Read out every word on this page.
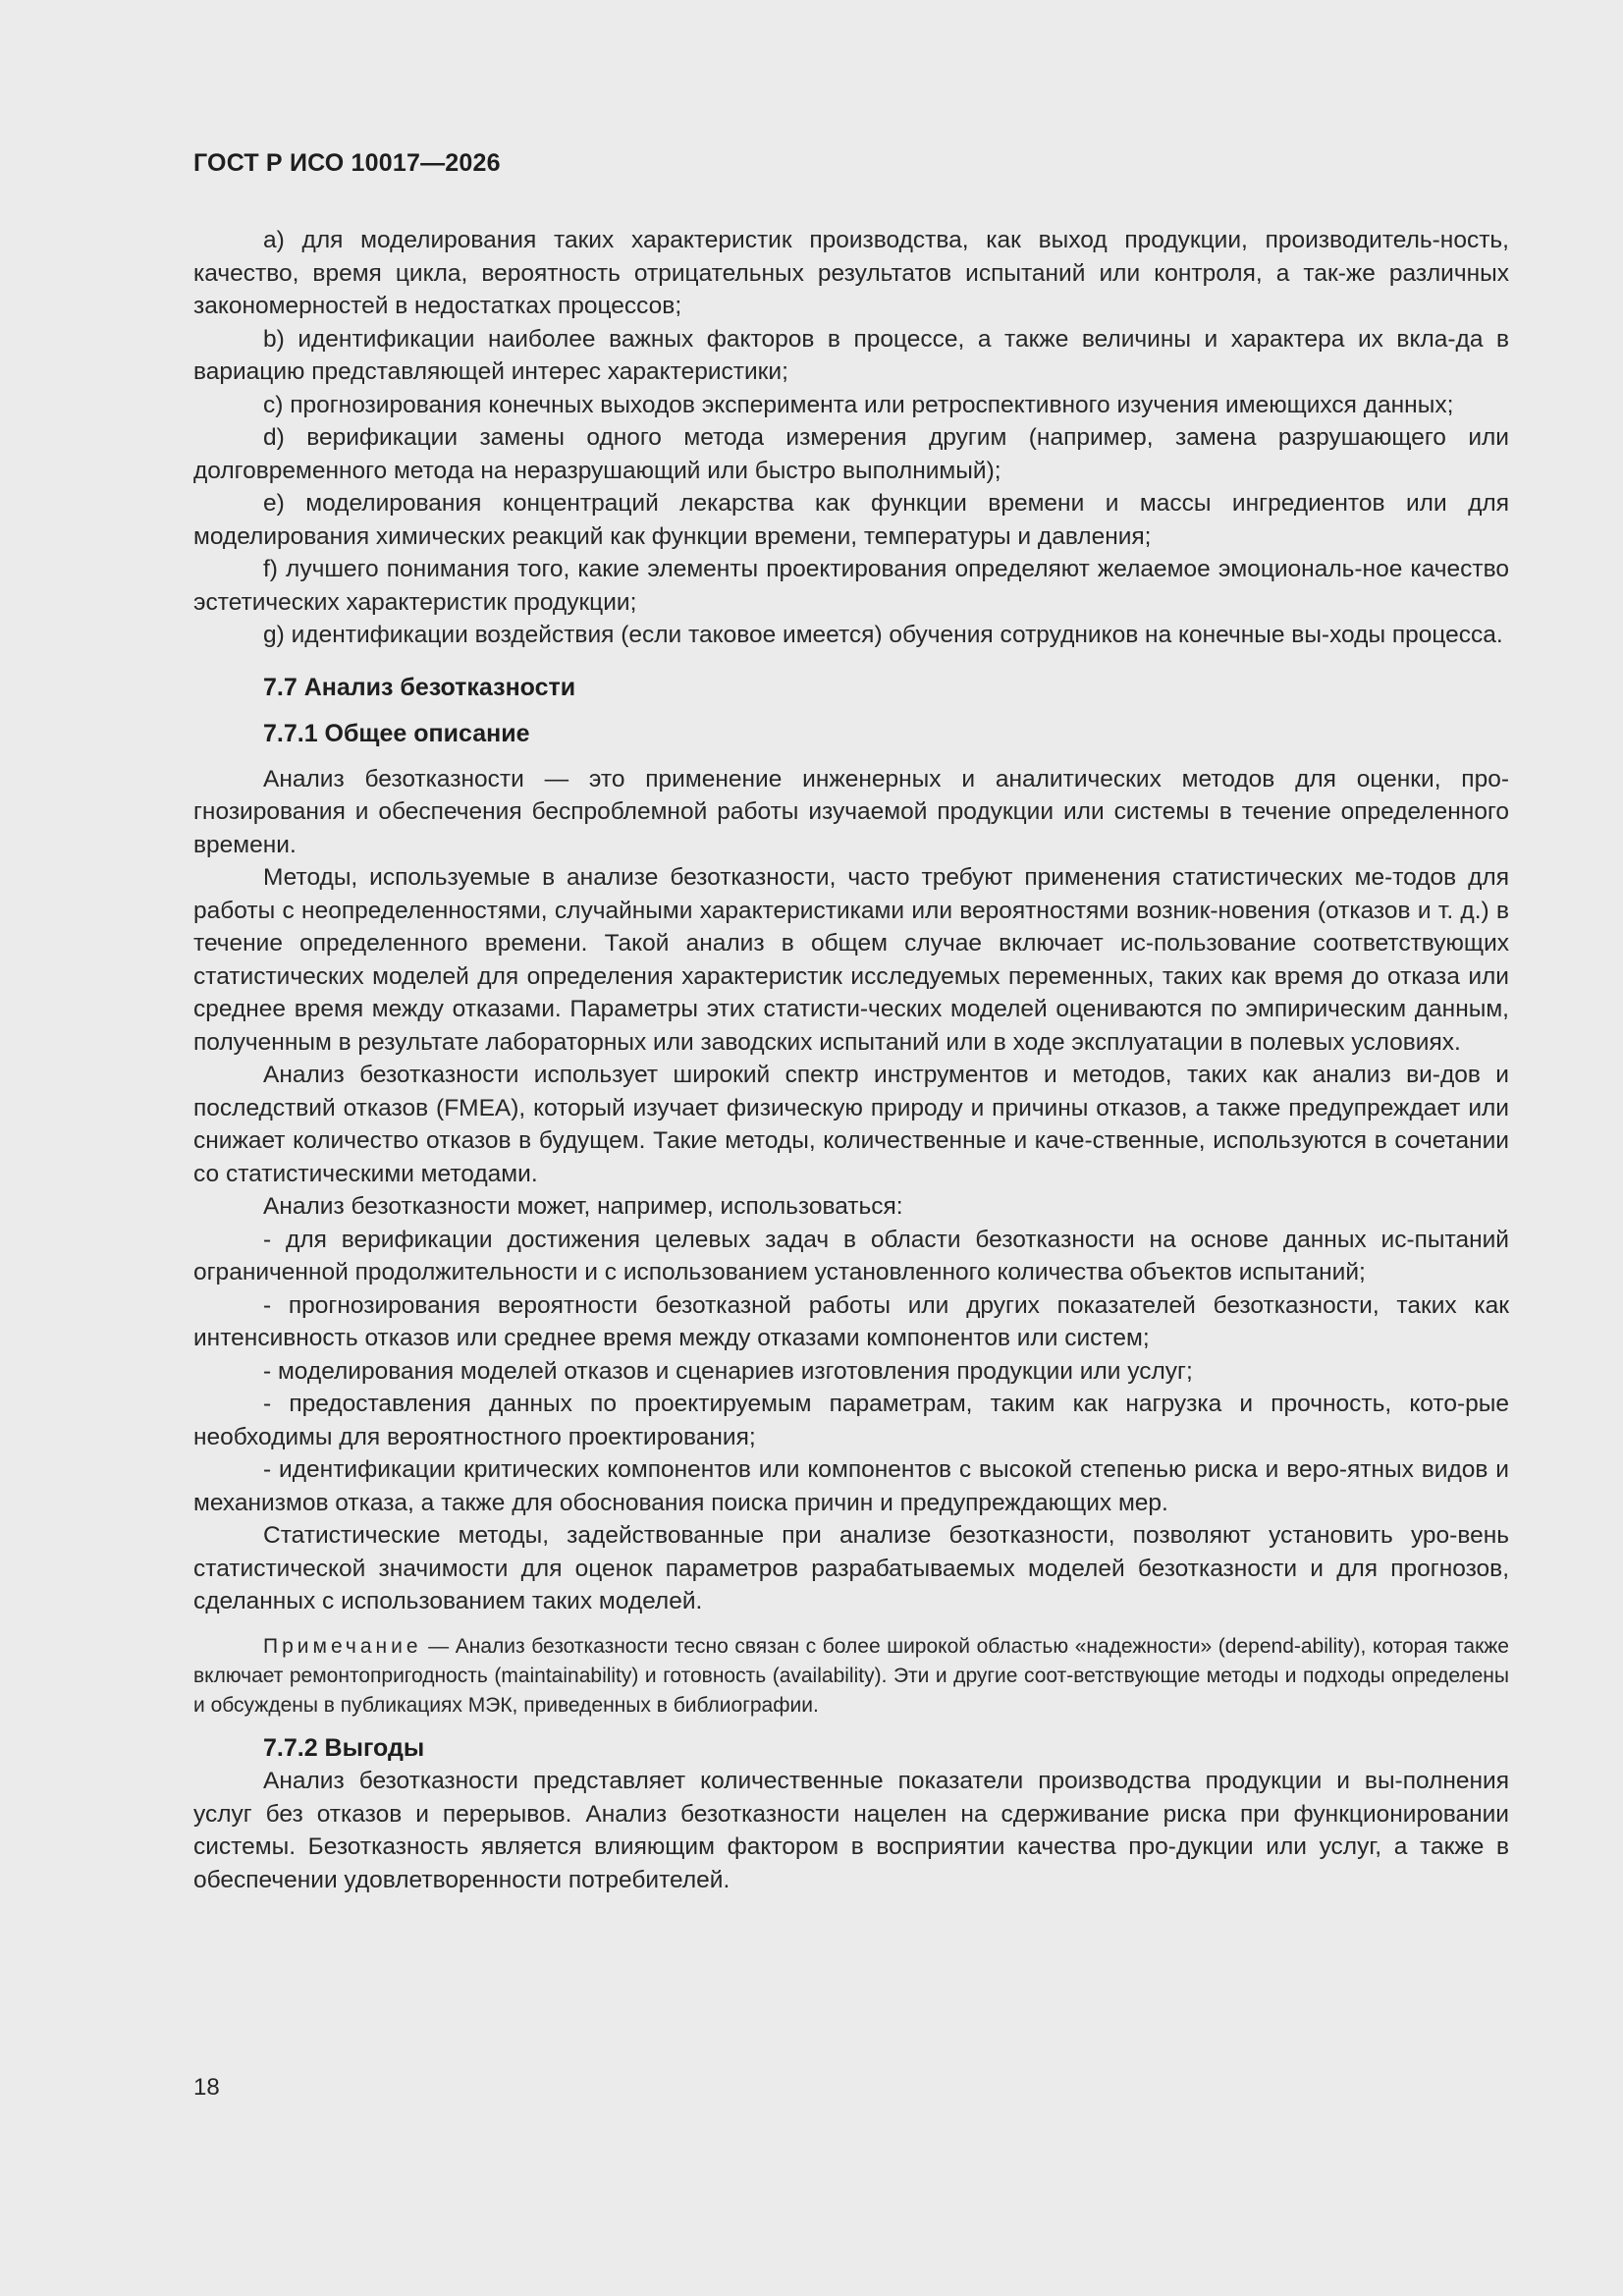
ГОСТ Р ИСО 10017—2026

a) для моделирования таких характеристик производства, как выход продукции, производитель-ность, качество, время цикла, вероятность отрицательных результатов испытаний или контроля, а так-же различных закономерностей в недостатках процессов;

b) идентификации наиболее важных факторов в процессе, а также величины и характера их вкла-да в вариацию представляющей интерес характеристики;

c) прогнозирования конечных выходов эксперимента или ретроспективного изучения имеющихся данных;

d) верификации замены одного метода измерения другим (например, замена разрушающего или долговременного метода на неразрушающий или быстро выполнимый);

e) моделирования концентраций лекарства как функции времени и массы ингредиентов или для моделирования химических реакций как функции времени, температуры и давления;

f) лучшего понимания того, какие элементы проектирования определяют желаемое эмоциональ-ное качество эстетических характеристик продукции;

g) идентификации воздействия (если таковое имеется) обучения сотрудников на конечные вы-ходы процесса.

7.7 Анализ безотказности
7.7.1 Общее описание

Анализ безотказности — это применение инженерных и аналитических методов для оценки, про-гнозирования и обеспечения беспроблемной работы изучаемой продукции или системы в течение определенного времени.

Методы, используемые в анализе безотказности, часто требуют применения статистических ме-тодов для работы с неопределенностями, случайными характеристиками или вероятностями возник-новения (отказов и т. д.) в течение определенного времени. Такой анализ в общем случае включает ис-пользование соответствующих статистических моделей для определения характеристик исследуемых переменных, таких как время до отказа или среднее время между отказами. Параметры этих статисти-ческих моделей оцениваются по эмпирическим данным, полученным в результате лабораторных или заводских испытаний или в ходе эксплуатации в полевых условиях.

Анализ безотказности использует широкий спектр инструментов и методов, таких как анализ ви-дов и последствий отказов (FMEA), который изучает физическую природу и причины отказов, а также предупреждает или снижает количество отказов в будущем. Такие методы, количественные и каче-ственные, используются в сочетании со статистическими методами.

Анализ безотказности может, например, использоваться:

- для верификации достижения целевых задач в области безотказности на основе данных ис-пытаний ограниченной продолжительности и с использованием установленного количества объектов испытаний;

- прогнозирования вероятности безотказной работы или других показателей безотказности, таких как интенсивность отказов или среднее время между отказами компонентов или систем;

- моделирования моделей отказов и сценариев изготовления продукции или услуг;

- предоставления данных по проектируемым параметрам, таким как нагрузка и прочность, кото-рые необходимы для вероятностного проектирования;

- идентификации критических компонентов или компонентов с высокой степенью риска и веро-ятных видов и механизмов отказа, а также для обоснования поиска причин и предупреждающих мер.

Статистические методы, задействованные при анализе безотказности, позволяют установить уро-вень статистической значимости для оценок параметров разрабатываемых моделей безотказности и для прогнозов, сделанных с использованием таких моделей.

Примечание — Анализ безотказности тесно связан с более широкой областью «надежности» (depend-ability), которая также включает ремонтопригодность (maintainability) и готовность (availability). Эти и другие соот-ветствующие методы и подходы определены и обсуждены в публикациях МЭК, приведенных в библиографии.
7.7.2 Выгоды

Анализ безотказности представляет количественные показатели производства продукции и вы-полнения услуг без отказов и перерывов. Анализ безотказности нацелен на сдерживание риска при функционировании системы. Безотказность является влияющим фактором в восприятии качества про-дукции или услуг, а также в обеспечении удовлетворенности потребителей.

18
